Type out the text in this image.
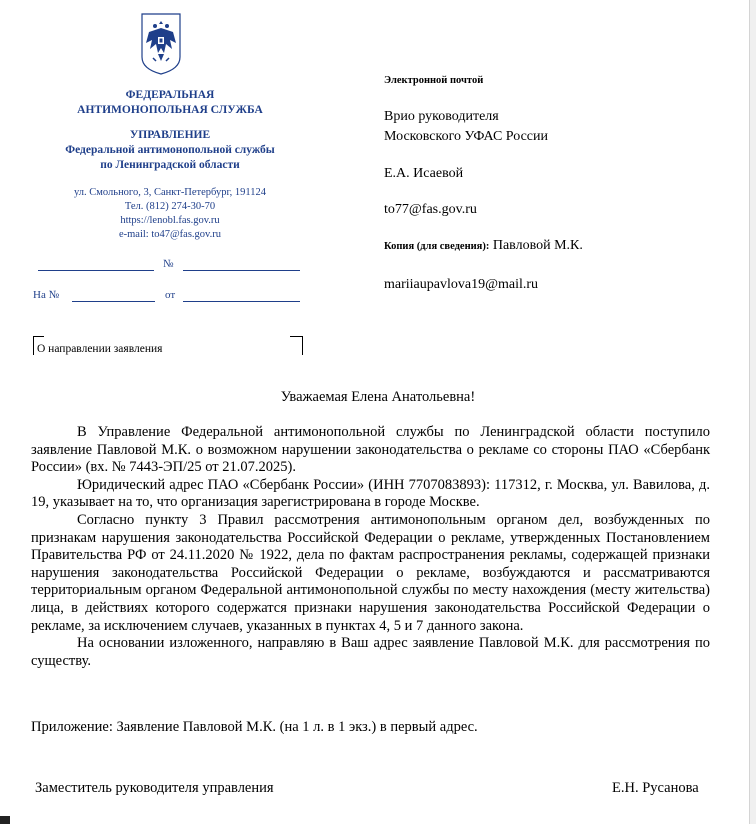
ФЕДЕРАЛЬНАЯ
АНТИМОНОПОЛЬНАЯ СЛУЖБА
УПРАВЛЕНИЕ
Федеральной антимонопольной службы
по Ленинградской области
ул. Смольного, 3, Санкт-Петербург, 191124
Тел. (812) 274-30-70
https://lenobl.fas.gov.ru
e-mail: to47@fas.gov.ru
№
На №	от
О направлении заявления
Электронной почтой
Врио руководителя
Московского УФАС России
Е.А. Исаевой
to77@fas.gov.ru
Копия (для сведения): Павловой М.К.
mariiaupavlova19@mail.ru
Уважаемая Елена Анатольевна!

В Управление Федеральной антимонопольной службы по Ленинградской области поступило заявление Павловой М.К. о возможном нарушении законодательства о рекламе со стороны ПАО «Сбербанк России» (вх. № 7443-ЭП/25 от 21.07.2025).

Юридический адрес ПАО «Сбербанк России» (ИНН 7707083893): 117312, г. Москва, ул. Вавилова, д. 19, указывает на то, что организация зарегистрирована в городе Москве.

Согласно пункту 3 Правил рассмотрения антимонопольным органом дел, возбужденных по признакам нарушения законодательства Российской Федерации о рекламе, утвержденных Постановлением Правительства РФ от 24.11.2020 № 1922, дела по фактам распространения рекламы, содержащей признаки нарушения законодательства Российской Федерации о рекламе, возбуждаются и рассматриваются территориальным органом Федеральной антимонопольной службы по месту нахождения (месту жительства) лица, в действиях которого содержатся признаки нарушения законодательства Российской Федерации о рекламе, за исключением случаев, указанных в пунктах 4, 5 и 7 данного закона.

На основании изложенного, направляю в Ваш адрес заявление Павловой М.К. для рассмотрения по существу.

Приложение: Заявление Павловой М.К. (на 1 л. в 1 экз.) в первый адрес.
Заместитель руководителя управления	Е.Н. Русанова
